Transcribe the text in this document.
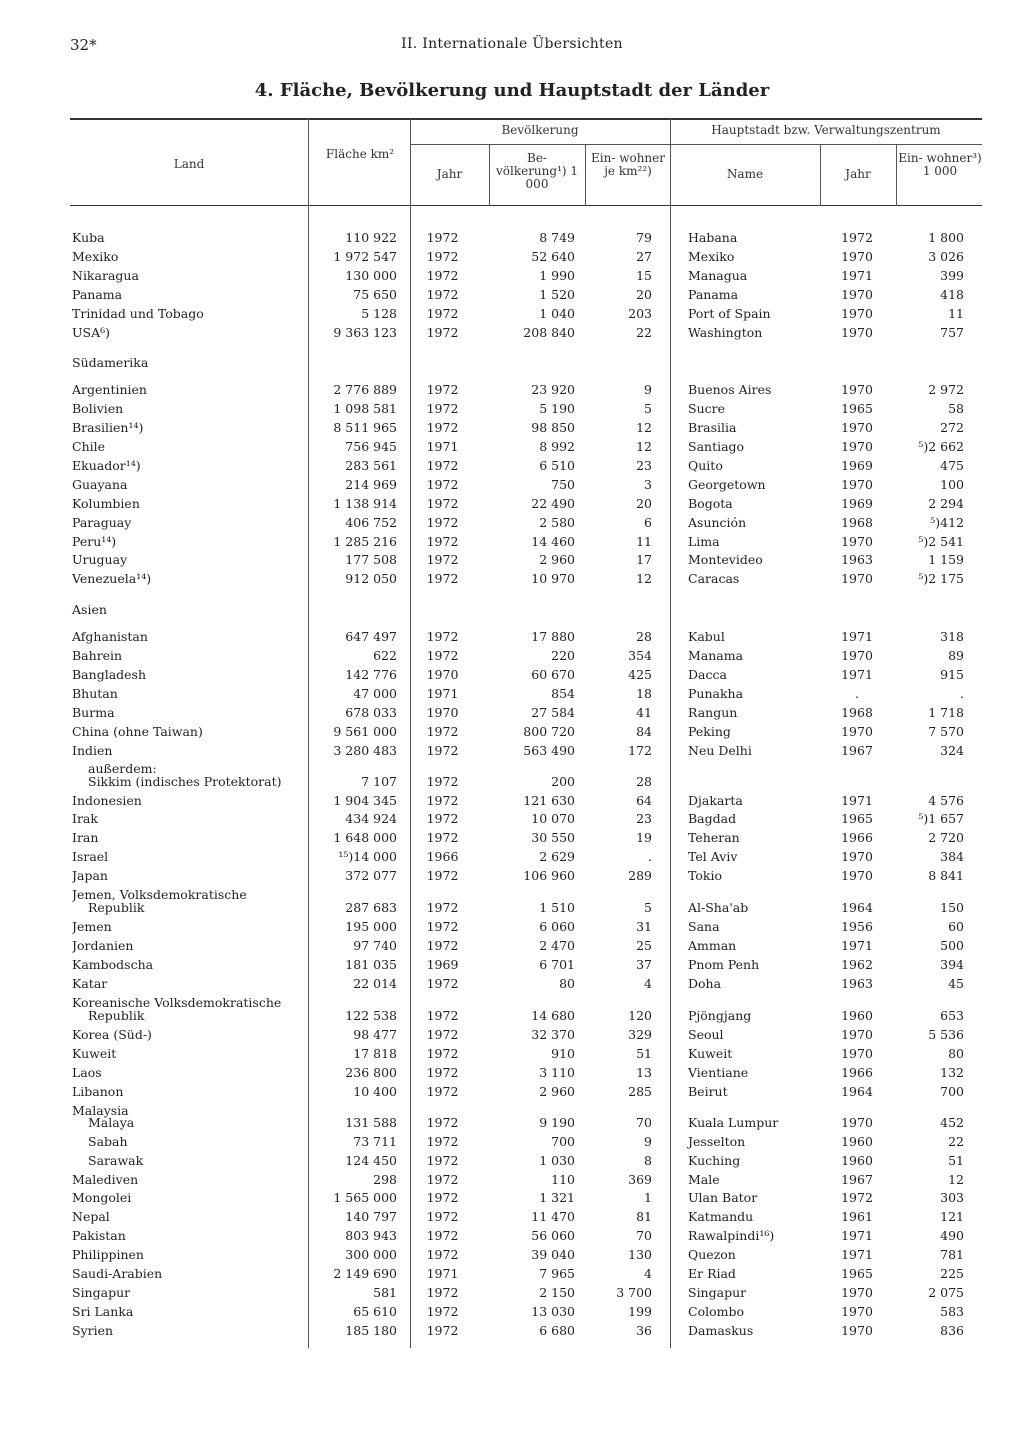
32*	II. Internationale Übersichten
4. Fläche, Bevölkerung und Hauptstadt der Länder
Land
Fläche km²
Bevölkerung
Jahr
Be- völkerung¹) 1 000
Ein- wohner je km²²)
Hauptstadt bzw. Verwaltungszentrum
Name	Jahr
Ein- wohner³) 1 000
Kuba	110 922	1972	8 749	79	Habana	1972	1 800
Mexiko	1 972 547	1972	52 640	27	Mexiko	1970	3 026
Nikaragua	130 000	1972	1 990	15	Managua	1971	399
Panama	75 650	1972	1 520	20	Panama	1970	418
Trinidad und Tobago	5 128	1972	1 040	203	Port of Spain	1970	11
USA⁶)	9 363 123	1972	208 840	22	Washington	1970	757
Südamerika
Argentinien	2 776 889	1972	23 920	9	Buenos Aires	1970	2 972
Bolivien	1 098 581	1972	5 190	5	Sucre	1965	58
Brasilien¹⁴)	8 511 965	1972	98 850	12	Brasilia	1970	272
Chile	756 945	1971	8 992	12	Santiago	1970	⁵)2 662
Ekuador¹⁴)	283 561	1972	6 510	23	Quito	1969	475
Guayana	214 969	1972	750	3	Georgetown	1970	100
Kolumbien	1 138 914	1972	22 490	20	Bogota	1969	2 294
Paraguay	406 752	1972	2 580	6	Asunción	1968	⁵)412
Peru¹⁴)	1 285 216	1972	14 460	11	Lima	1970	⁵)2 541
Uruguay	177 508	1972	2 960	17	Montevideo	1963	1 159
Venezuela¹⁴)	912 050	1972	10 970	12	Caracas	1970	⁵)2 175
Asien
Afghanistan	647 497	1972	17 880	28	Kabul	1971	318
Bahrein	622	1972	220	354	Manama	1970	89
Bangladesh	142 776	1970	60 670	425	Dacca	1971	915
Bhutan	47 000	1971	854	18	Punakha	.	.
Burma	678 033	1970	27 584	41	Rangun	1968	1 718
China (ohne Taiwan)	9 561 000	1972	800 720	84	Peking	1970	7 570
Indien	3 280 483	1972	563 490	172	Neu Delhi	1967	324
außerdem:
Sikkim (indisches Protektorat)	7 107	1972	200	28
Indonesien	1 904 345	1972	121 630	64	Djakarta	1971	4 576
Irak	434 924	1972	10 070	23	Bagdad	1965	⁵)1 657
Iran	1 648 000	1972	30 550	19	Teheran	1966	2 720
Israel	¹⁵)14 000	1966	2 629	.	Tel Aviv	1970	384
Japan	372 077	1972	106 960	289	Tokio	1970	8 841
Jemen, Volksdemokratische
Republik	287 683	1972	1 510	5	Al-Sha'ab	1964	150
Jemen	195 000	1972	6 060	31	Sana	1956	60
Jordanien	97 740	1972	2 470	25	Amman	1971	500
Kambodscha	181 035	1969	6 701	37	Pnom Penh	1962	394
Katar	22 014	1972	80	4	Doha	1963	45
Koreanische Volksdemokratische
Republik	122 538	1972	14 680	120	Pjöngjang	1960	653
Korea (Süd-)	98 477	1972	32 370	329	Seoul	1970	5 536
Kuweit	17 818	1972	910	51	Kuweit	1970	80
Laos	236 800	1972	3 110	13	Vientiane	1966	132
Libanon	10 400	1972	2 960	285	Beirut	1964	700
Malaysia
Malaya	131 588	1972	9 190	70	Kuala Lumpur	1970	452
Sabah	73 711	1972	700	9	Jesselton	1960	22
Sarawak	124 450	1972	1 030	8	Kuching	1960	51
Malediven	298	1972	110	369	Male	1967	12
Mongolei	1 565 000	1972	1 321	1	Ulan Bator	1972	303
Nepal	140 797	1972	11 470	81	Katmandu	1961	121
Pakistan	803 943	1972	56 060	70	Rawalpindi¹⁶)	1971	490
Philippinen	300 000	1972	39 040	130	Quezon	1971	781
Saudi-Arabien	2 149 690	1971	7 965	4	Er Riad	1965	225
Singapur	581	1972	2 150	3 700	Singapur	1970	2 075
Sri Lanka	65 610	1972	13 030	199	Colombo	1970	583
Syrien	185 180	1972	6 680	36	Damaskus	1970	836
